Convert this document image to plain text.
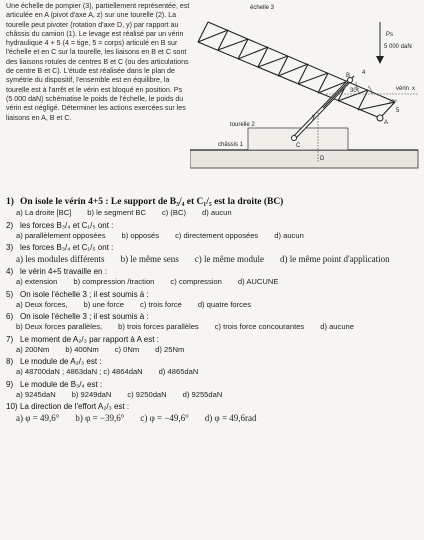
Une échelle de pompier (3), partiellement représentée, est articulée en A (pivot d'axe A, z) sur une tourelle (2). La tourelle peut pivoter (rotation d'axe D, y) par rapport au châssis du camion (1). Le levage est réalisé par un vérin hydraulique 4 + 5 (4 = tige, 5 = corps) articulé en B sur l'échelle et en C sur la tourelle, les liaisons en B et C sont des liaisons rotules de centres B et C (ou des articulations de centre B et C). L'étude est réalisée dans le plan de symétrie du dispositif, l'ensemble est en équilibre, la tourelle est à l'arrêt et le vérin est bloqué en position. Ps (5 000 daN) schématise le poids de l'échelle, le poids du vérin est négligé. Déterminer les actions exercées sur les liaisons en A, B et C.
échelle 3
Ps
5 000 daN
30°
70°
vérin
tourelle 2
châssis 1
A
B
C
D
x
y
4
5
1) On isole le vérin 4+5 : Le support de B₃/₄ et C₁/₅ est la droite (BC)
a) La droite [BC] b) le segment BC c) (BC) d) aucun
2) les forces B₃/₄ et C₁/₅ ont :
a) parallèlement opposées b) opposés c) directement opposées d) aucun
3) les forces B₃/₄ et C₁/₅ ont :
a) les modules différents b) le même sens c) le même module d) le même point d'application
4) le vérin 4+5 travaille en :
a) extension b) compression /traction c) compression d) AUCUNE
5) On isole l'échelle 3 ; il est soumis à :
a) Deux forces, b) une force c) trois force d) quatre forces
6) On isole l'échelle 3 ; il est soumis à :
b) Deux forces parallèles, b) trois forces parallèles c) trois force concourantes d) aucune
7) Le moment de A₂/₃ par rapport à A est :
a) 200Nm b) 400Nm c) 0Nm d) 25Nm
8) Le module de A₂/₃ est :
a) 48700daN ; 4863daN ; c) 4864daN d) 4865daN
9) Le module de B₃/₄ est :
a) 9245daN b) 9249daN c) 9250daN d) 9255daN
10) La direction de l'effort A₂/₃ est :
a) φ = 49,6° b) φ = −39,6° c) φ = −49,6° d) φ = 49,6rad
